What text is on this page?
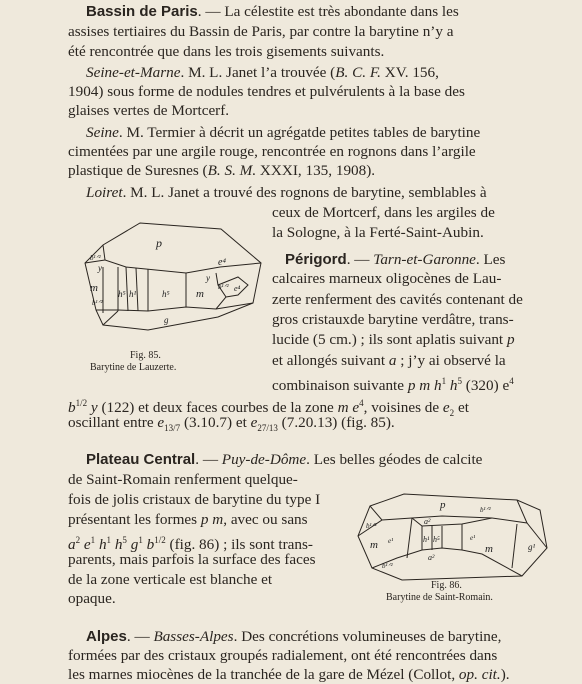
Bassin de Paris. — La célestite est très abondante dans les
assises tertiaires du Bassin de Paris, par contre la barytine n’y a
été rencontrée que dans les trois gisements suivants.
Seine-et-Marne. M. L. Janet l’a trouvée (B. C. F. XV. 156,
1904) sous forme de nodules tendres et pulvérulents à la base des
glaises vertes de Mortcerf.
Seine. M. Termier à décrit un agrégatde petites tables de barytine
cimentées par une argile rouge, rencontrée en rognons dans l’argile
plastique de Suresnes (B. S. M. XXXI, 135, 1908).
Loiret. M. L. Janet a trouvé des rognons de barytine, semblables à
ceux de Mortcerf, dans les argiles de
la Sologne, à la Ferté-Saint-Aubin.
Périgord. — Tarn-et-Garonne. Les
calcaires marneux oligocènes de Lau-
zerte renferment des cavités contenant de
gros cristauxde barytine verdâtre, trans-
lucide (5 cm.) ; ils sont aplatis suivant p
et allongés suivant a ; j’y ai observé la
combinaison suivante p m $h^1$ $h^5$ (320) $e^4$
$b^{1/2}$ y (122) et deux faces courbes de la zone m $e^4$, voisines de $e_2$ et
oscillant entre $e_{13/7}$ (3.10.7) et $e_{27/13}$ (7.20.13) (fig. 85).
Plateau Central. — Puy-de-Dôme. Les belles géodes de calcite
de Saint-Romain renferment quelque-
fois de jolis cristaux de barytine du type I
présentant les formes p m, avec ou sans
$a^2$ $e^1$ $h^1$ $h^5$ $g^1$ $b^{1/2}$ (fig. 86) ; ils sont trans-
parents, mais parfois la surface des faces
de la zone verticale est blanche et
opaque.
Alpes. — Basses-Alpes. Des concrétions volumineuses de barytine,
formées par des cristaux groupés radialement, ont été rencontrées dans
les marnes miocènes de la tranchée de la gare de Mézel (Collot, op. cit.).
p
e⁴
b¹ᐟ²
y
m
b¹ᐟ²
h⁵ h¹	h⁵ m
y
b¹ᐟ² e⁴
g
Fig. 85.
Barytine de Lauzerte.
p	b¹ᐟ²
b¹ᐟ²
m e¹
a²
h¹ h⁵
a²
b¹ᐟ²
e¹
m	g¹
Fig. 86.
Barytine de Saint-Romain.
